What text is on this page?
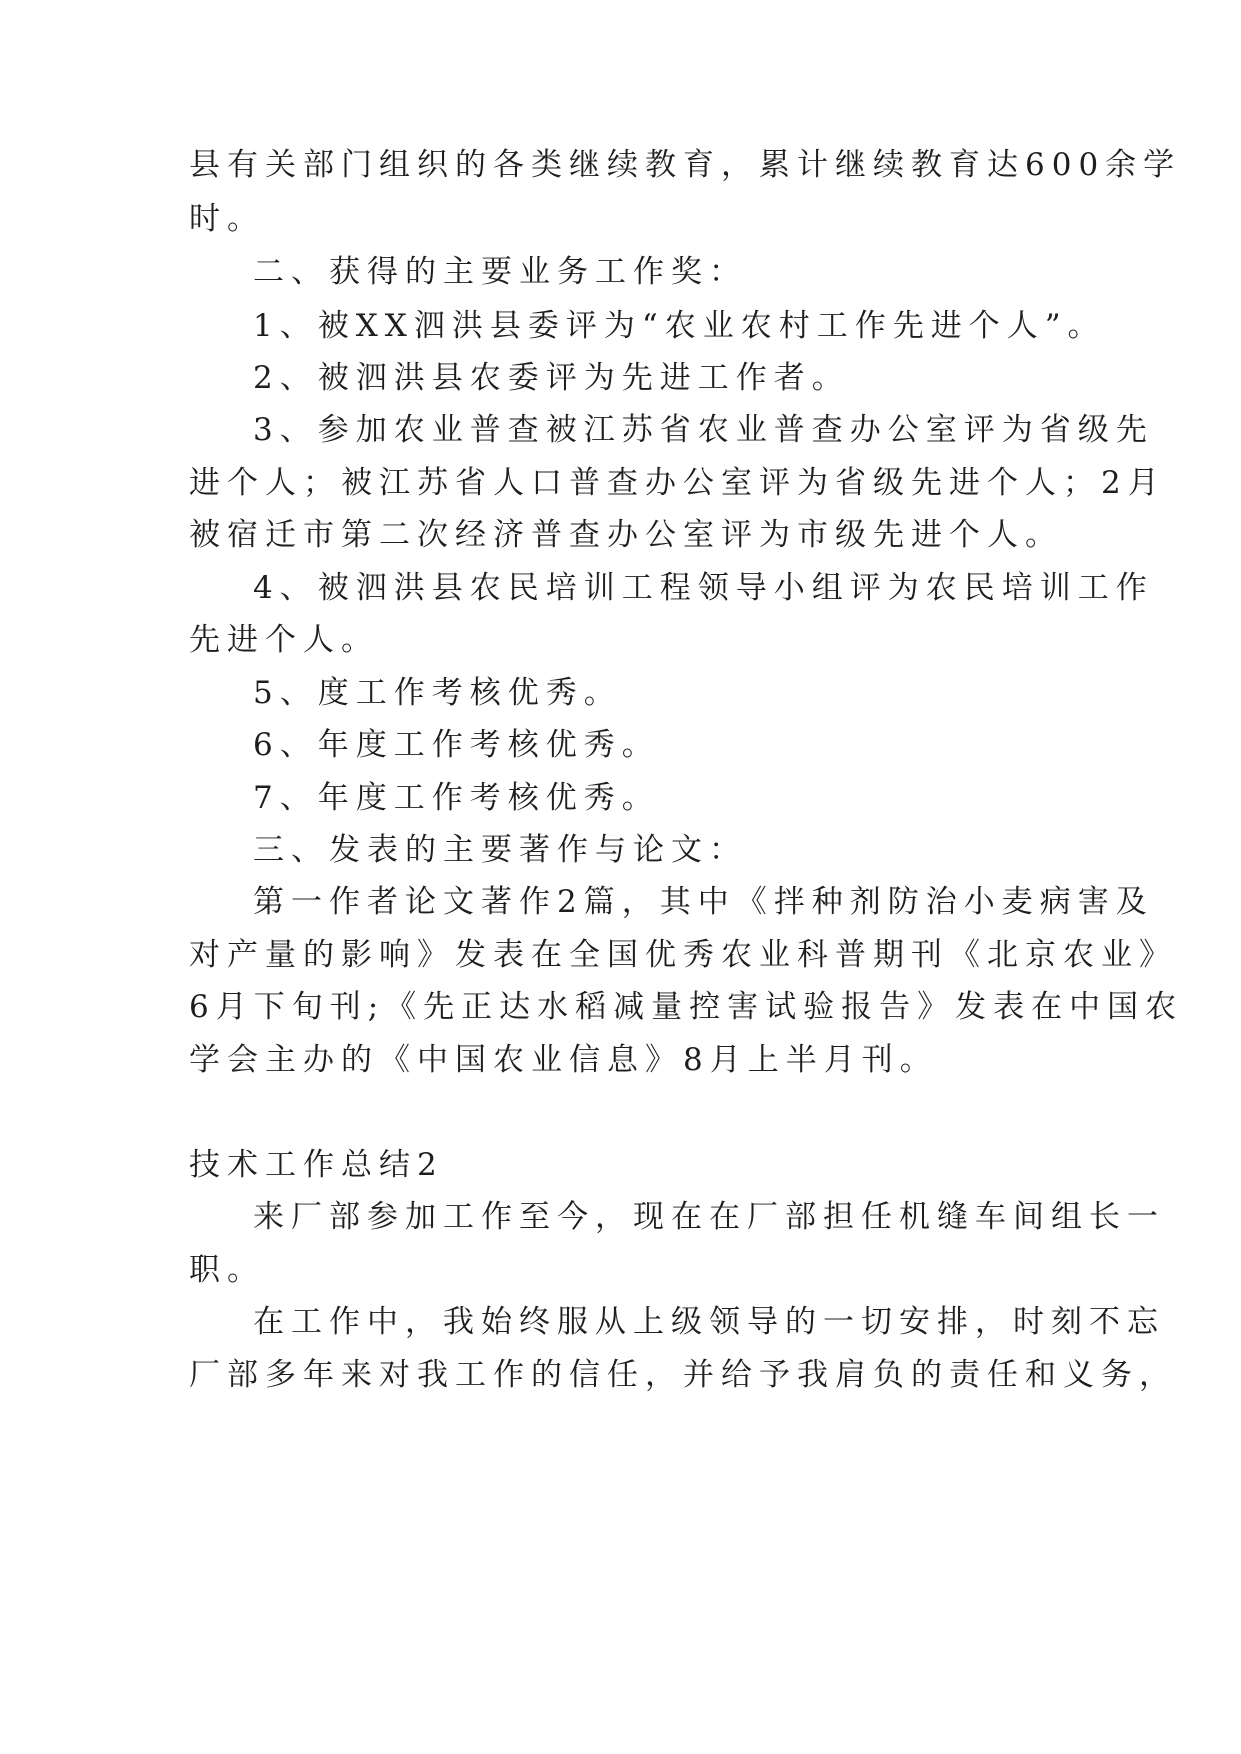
县有关部门组织的各类继续教育，累计继续教育达600余学
时。
二、获得的主要业务工作奖：
1、被XX泗洪县委评为“农业农村工作先进个人”。
2、被泗洪县农委评为先进工作者。
3、参加农业普查被江苏省农业普查办公室评为省级先
进个人；被江苏省人口普查办公室评为省级先进个人；2月
被宿迁市第二次经济普查办公室评为市级先进个人。
4、被泗洪县农民培训工程领导小组评为农民培训工作
先进个人。
5、度工作考核优秀。
6、年度工作考核优秀。
7、年度工作考核优秀。
三、发表的主要著作与论文：
第一作者论文著作2篇，其中《拌种剂防治小麦病害及
对产量的影响》发表在全国优秀农业科普期刊《北京农业》
6月下旬刊;《先正达水稻减量控害试验报告》发表在中国农
学会主办的《中国农业信息》8月上半月刊。
技术工作总结2
来厂部参加工作至今，现在在厂部担任机缝车间组长一
职。
在工作中，我始终服从上级领导的一切安排，时刻不忘
厂部多年来对我工作的信任，并给予我肩负的责任和义务，
